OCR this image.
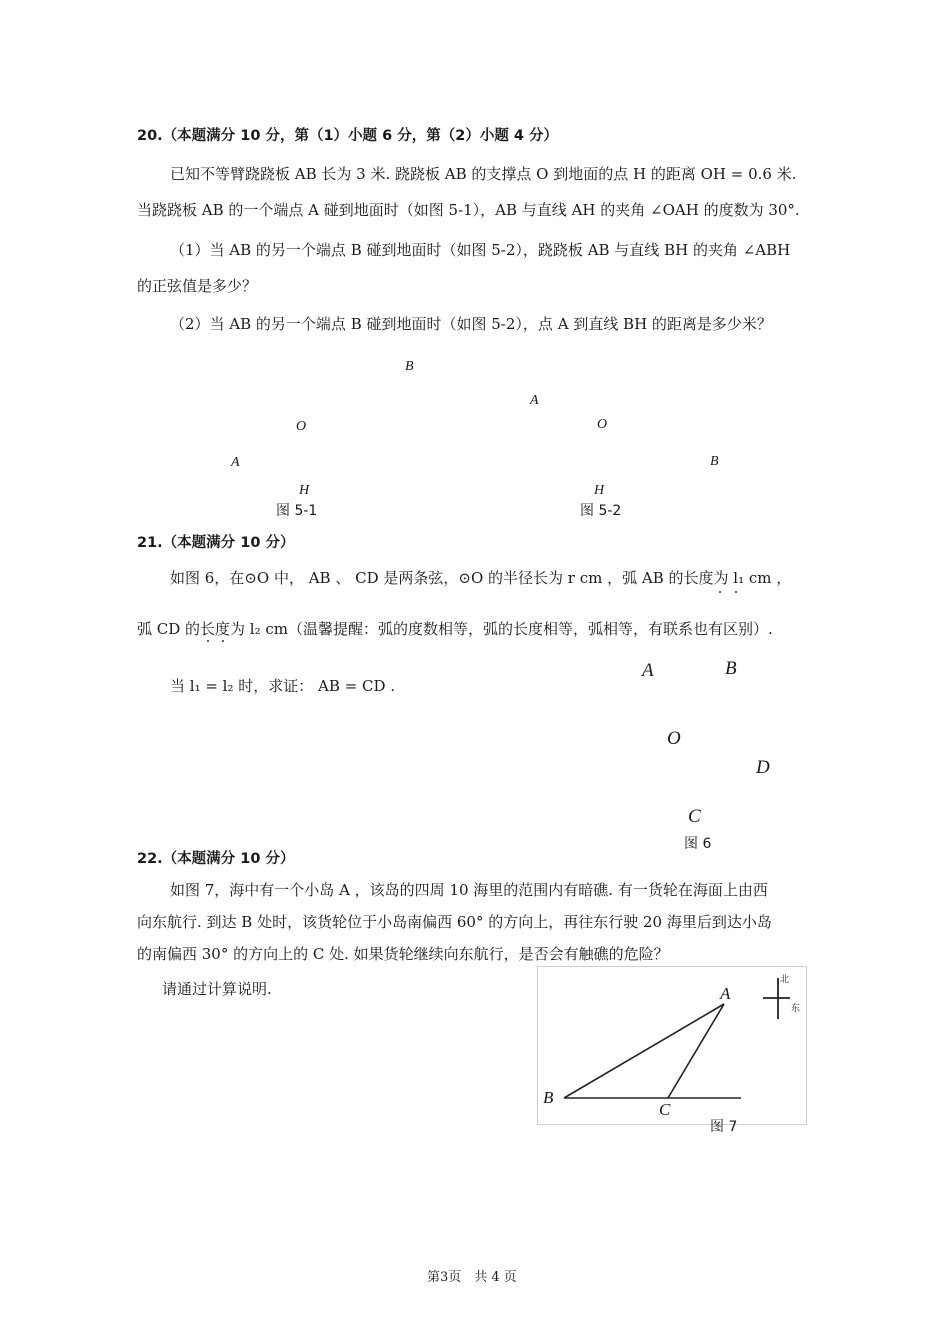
20.（本题满分 10 分，第（1）小题 6 分，第（2）小题 4 分）
已知不等臂跷跷板 AB 长为 3 米. 跷跷板 AB 的支撑点 O 到地面的点 H 的距离 OH = 0.6 米.
当跷跷板 AB 的一个端点 A 碰到地面时（如图 5-1），AB 与直线 AH 的夹角 ∠OAH 的度数为 30°.
（1）当 AB 的另一个端点 B 碰到地面时（如图 5-2），跷跷板 AB 与直线 BH 的夹角 ∠ABH
的正弦值是多少？
（2）当 AB 的另一个端点 B 碰到地面时（如图 5-2），点 A 到直线 BH 的距离是多少米？
B
O
A
H
图 5-1
A
O
B
H
图 5-2
21.（本题满分 10 分）
如图 6，在⊙O 中， AB 、 CD 是两条弦，⊙O 的半径长为 r cm ，弧 AB 的长度为 l₁ cm ，
弧 CD 的长度为 l₂ cm（温馨提醒：弧的度数相等，弧的长度相等，弧相等，有联系也有区别）.
当 l₁ = l₂ 时，求证： AB = CD .
A	B
O
D
C
图 6
22.（本题满分 10 分）
如图 7，海中有一个小岛 A ，该岛的四周 10 海里的范围内有暗礁. 有一货轮在海面上由西
向东航行. 到达 B 处时，该货轮位于小岛南偏西 60° 的方向上，再往东行驶 20 海里后到达小岛
的南偏西 30° 的方向上的 C 处. 如果货轮继续向东航行，是否会有触礁的危险？
请通过计算说明.	A
B
C
北
东
图 7
第3页　共 4 页
